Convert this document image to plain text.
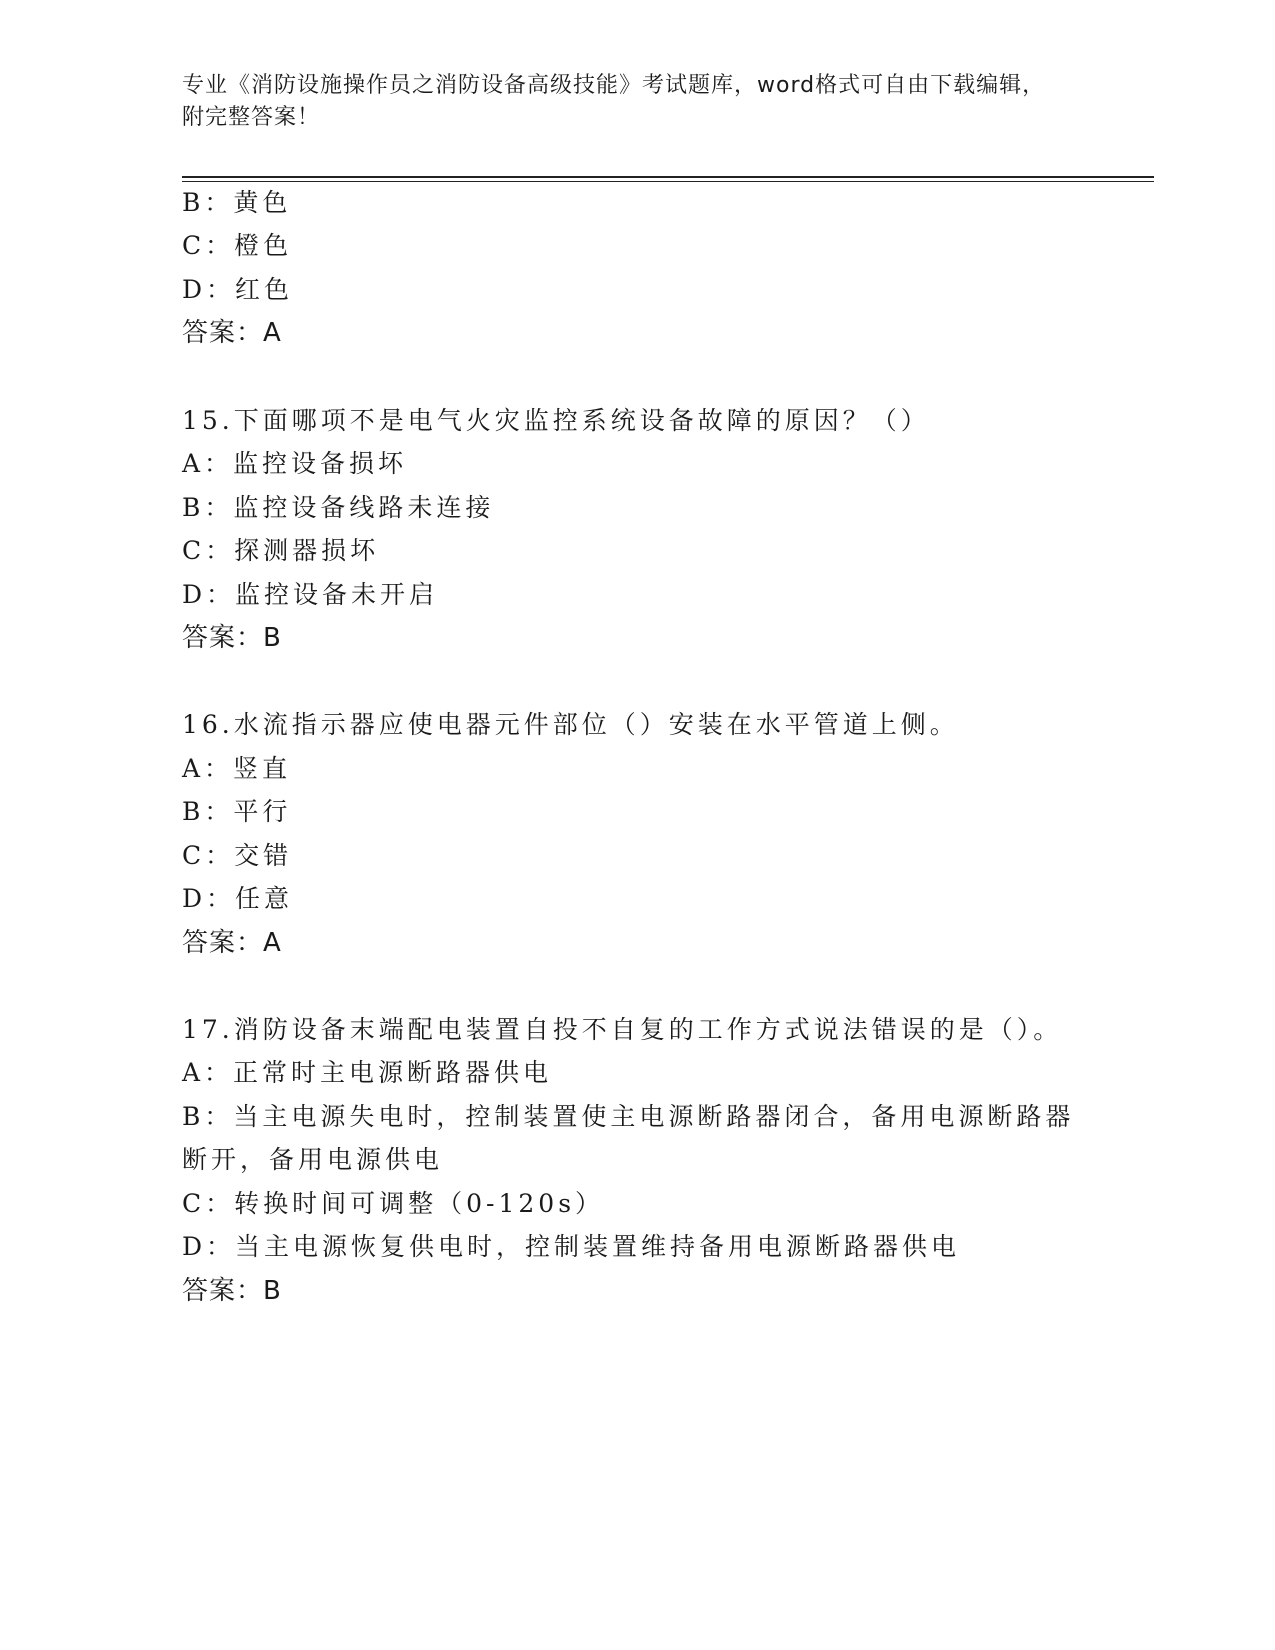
专业《消防设施操作员之消防设备高级技能》考试题库，word格式可自由下载编辑，附完整答案！
B：黄色
C：橙色
D：红色
答案：A
15.下面哪项不是电气火灾监控系统设备故障的原因？（）
A：监控设备损坏
B：监控设备线路未连接
C：探测器损坏
D：监控设备未开启
答案：B
16.水流指示器应使电器元件部位（）安装在水平管道上侧。
A：竖直
B：平行
C：交错
D：任意
答案：A
17.消防设备末端配电装置自投不自复的工作方式说法错误的是（）。
A：正常时主电源断路器供电
B：当主电源失电时，控制装置使主电源断路器闭合，备用电源断路器
断开，备用电源供电
C：转换时间可调整（0-120s）
D：当主电源恢复供电时，控制装置维持备用电源断路器供电
答案：B
